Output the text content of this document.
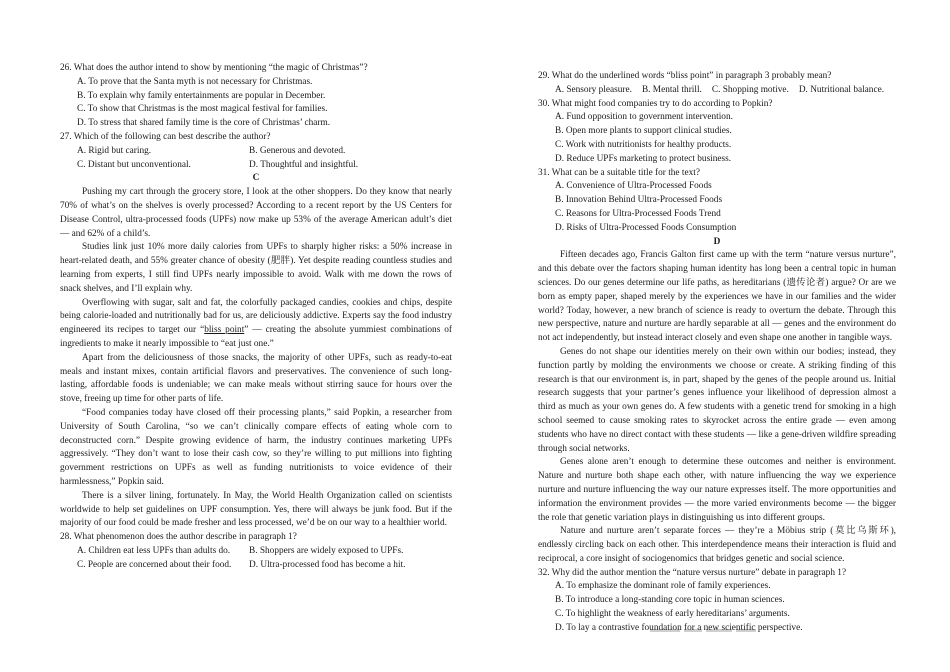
26. What does the author intend to show by mentioning “the magic of Christmas”?

A. To prove that the Santa myth is not necessary for Christmas.

B. To explain why family entertainments are popular in December.

C. To show that Christmas is the most magical festival for families.

D. To stress that shared family time is the core of Christmas’ charm.

27. Which of the following can best describe the author?

A. Rigid but caring.	B. Generous and devoted.
C. Distant but unconventional.	D. Thoughtful and insightful.

C

Pushing my cart through the grocery store, I look at the other shoppers. Do they know that nearly 70% of what’s on the shelves is overly processed? According to a recent report by the US Centers for Disease Control, ultra-processed foods (UPFs) now make up 53% of the average American adult’s diet — and 62% of a child’s.

Studies link just 10% more daily calories from UPFs to sharply higher risks: a 50% increase in heart-related death, and 55% greater chance of obesity (肥胖). Yet despite reading countless studies and learning from experts, I still find UPFs nearly impossible to avoid. Walk with me down the rows of snack shelves, and I’ll explain why.

Overflowing with sugar, salt and fat, the colorfully packaged candies, cookies and chips, despite being calorie-loaded and nutritionally bad for us, are deliciously addictive. Experts say the food industry engineered its recipes to target our “bliss point” — creating the absolute yummiest combinations of ingredients to make it nearly impossible to “eat just one.”

Apart from the deliciousness of those snacks, the majority of other UPFs, such as ready-to-eat meals and instant mixes, contain artificial flavors and preservatives. The convenience of such long-lasting, affordable foods is undeniable; we can make meals without stirring sauce for hours over the stove, freeing up time for other parts of life.

“Food companies today have closed off their processing plants,” said Popkin, a researcher from University of South Carolina, “so we can’t clinically compare effects of eating whole corn to deconstructed corn.” Despite growing evidence of harm, the industry continues marketing UPFs aggressively. “They don’t want to lose their cash cow, so they’re willing to put millions into fighting government restrictions on UPFs as well as funding nutritionists to voice evidence of their harmlessness,” Popkin said.

There is a silver lining, fortunately. In May, the World Health Organization called on scientists worldwide to help set guidelines on UPF consumption. Yes, there will always be junk food. But if the majority of our food could be made fresher and less processed, we’d be on our way to a healthier world.

28. What phenomenon does the author describe in paragraph 1?

A. Children eat less UPFs than adults do.	B. Shoppers are widely exposed to UPFs.
C. People are concerned about their food.	D. Ultra-processed food has become a hit.

29. What do the underlined words “bliss point” in paragraph 3 probably mean?

A. Sensory pleasure. B. Mental thrill. C. Shopping motive. D. Nutritional balance.

30. What might food companies try to do according to Popkin?

A. Fund opposition to government intervention.

B. Open more plants to support clinical studies.

C. Work with nutritionists for healthy products.

D. Reduce UPFs marketing to protect business.

31. What can be a suitable title for the text?

A. Convenience of Ultra-Processed Foods

B. Innovation Behind Ultra-Processed Foods

C. Reasons for Ultra-Processed Foods Trend

D. Risks of Ultra-Processed Foods Consumption

D

Fifteen decades ago, Francis Galton first came up with the term “nature versus nurture”, and this debate over the factors shaping human identity has long been a central topic in human sciences. Do our genes determine our life paths, as hereditarians (遗传论者) argue? Or are we born as empty paper, shaped merely by the experiences we have in our families and the wider world? Today, however, a new branch of science is ready to overturn the debate. Through this new perspective, nature and nurture are hardly separable at all — genes and the environment do not act independently, but instead interact closely and even shape one another in tangible ways.

Genes do not shape our identities merely on their own within our bodies; instead, they function partly by molding the environments we choose or create. A striking finding of this research is that our environment is, in part, shaped by the genes of the people around us. Initial research suggests that your partner’s genes influence your likelihood of depression almost a third as much as your own genes do. A few students with a genetic trend for smoking in a high school seemed to cause smoking rates to skyrocket across the entire grade — even among students who have no direct contact with these students — like a gene-driven wildfire spreading through social networks.

Genes alone aren’t enough to determine these outcomes and neither is environment. Nature and nurture both shape each other, with nature influencing the way we experience nurture and nurture influencing the way our nature expresses itself. The more opportunities and information the environment provides — the more varied environments become — the bigger the role that genetic variation plays in distinguishing us into different groups.

Nature and nurture aren’t separate forces — they’re a Möbius strip (莫比乌斯环), endlessly circling back on each other. This interdependence means their interaction is fluid and reciprocal, a core insight of sociogenomics that bridges genetic and social science.

32. Why did the author mention the “nature versus nurture” debate in paragraph 1?

A. To emphasize the dominant role of family experiences.

B. To introduce a long-standing core topic in human sciences.

C. To highlight the weakness of early hereditarians’ arguments.

D. To lay a contrastive foundation for a new scientific perspective.
